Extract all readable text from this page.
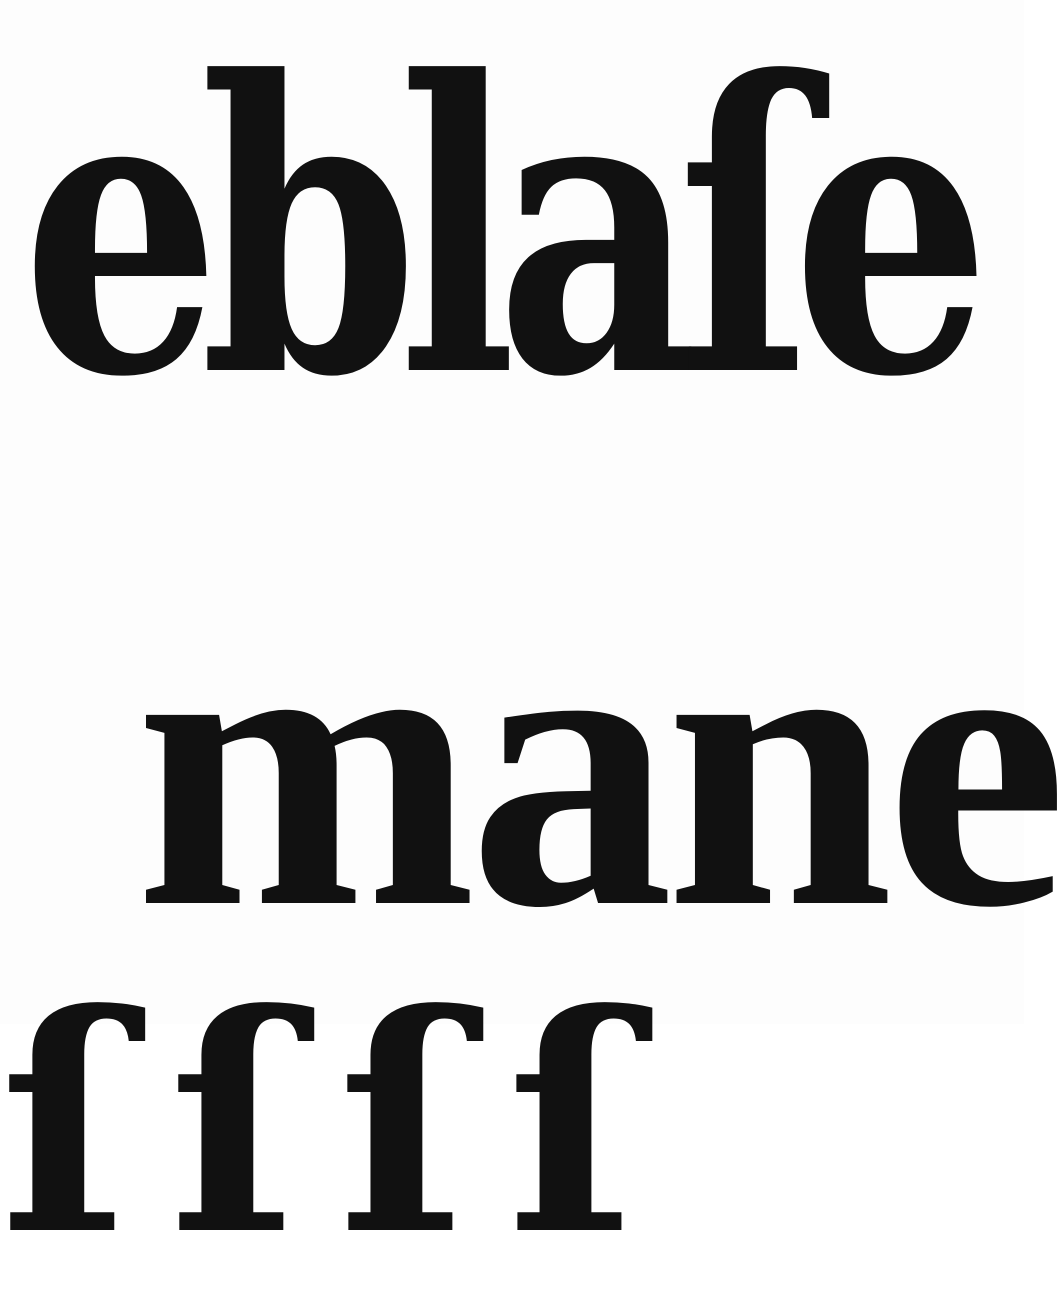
eblaſe
mane
ſſſſ
